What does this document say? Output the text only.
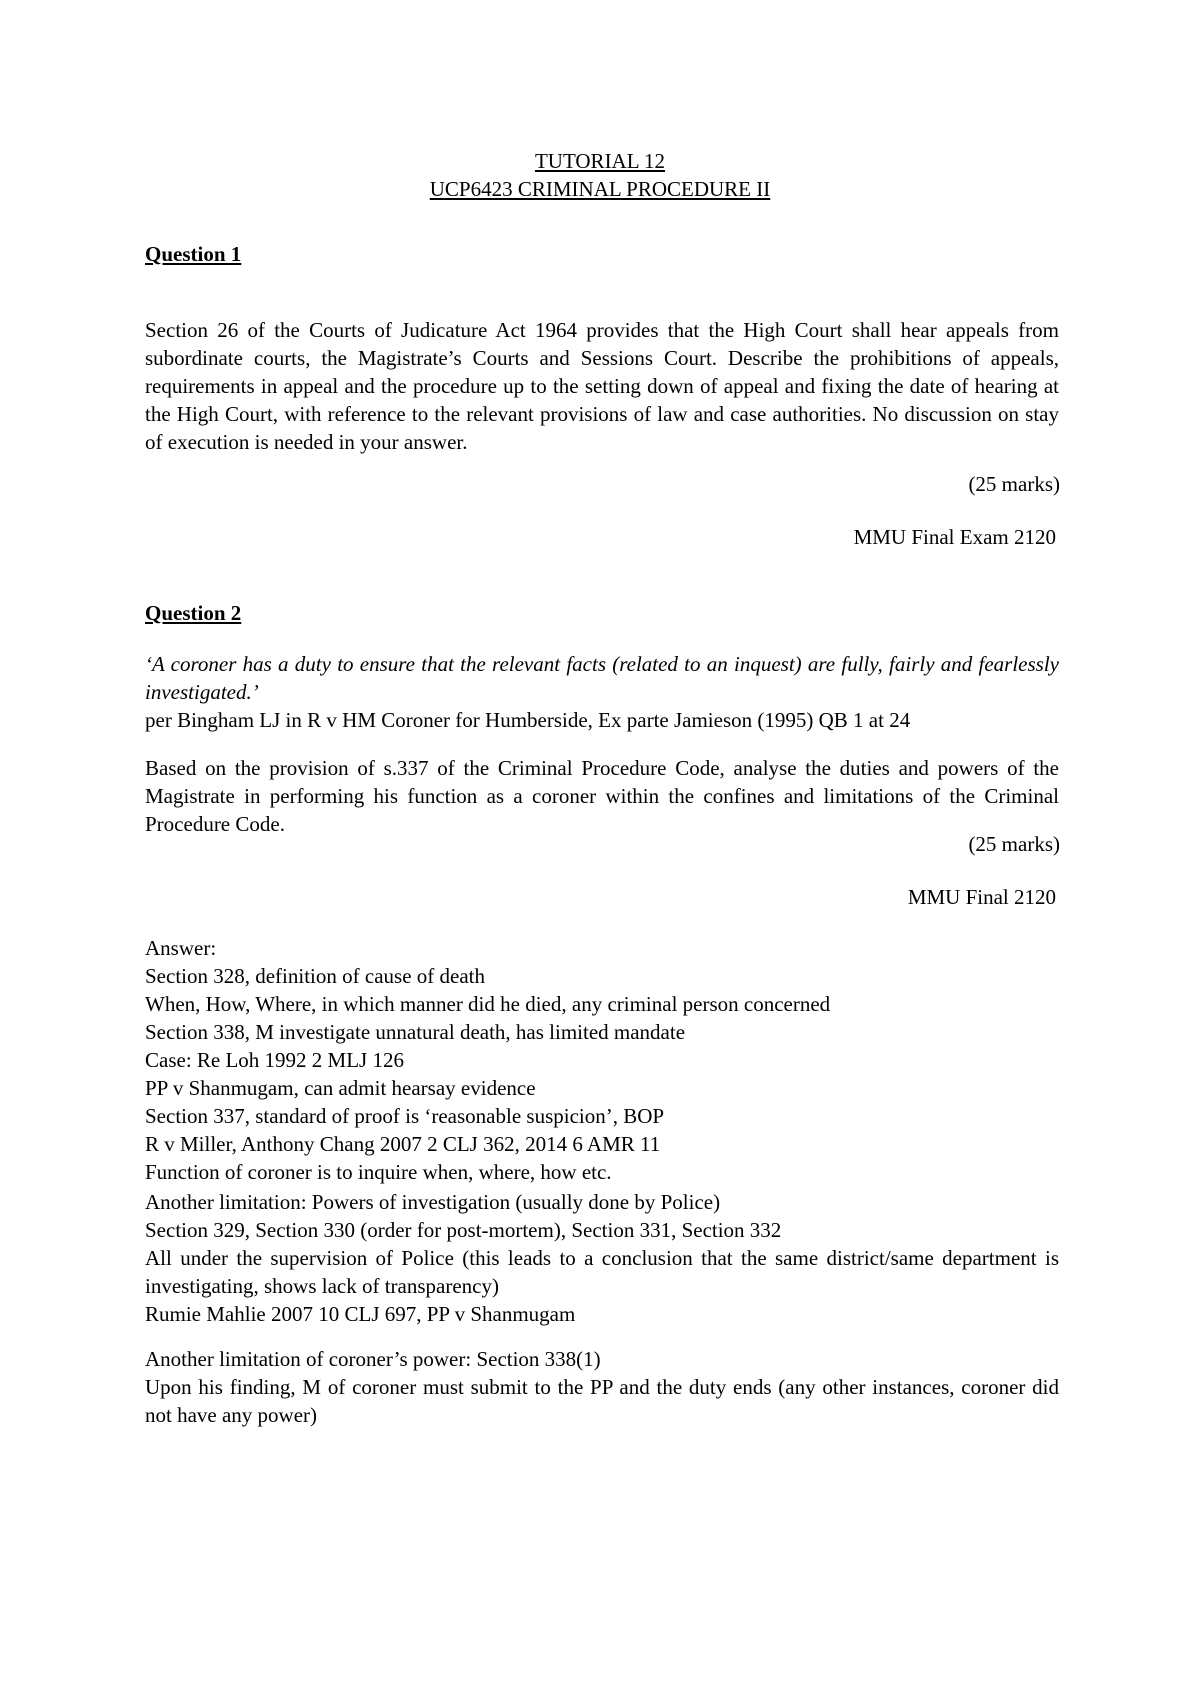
TUTORIAL 12
UCP6423 CRIMINAL PROCEDURE II
Question 1

Section 26 of the Courts of Judicature Act 1964 provides that the High Court shall hear appeals from subordinate courts, the Magistrate’s Courts and Sessions Court. Describe the prohibitions of appeals, requirements in appeal and the procedure up to the setting down of appeal and fixing the date of hearing at the High Court, with reference to the relevant provisions of law and case authorities. No discussion on stay of execution is needed in your answer.

(25 marks)
MMU Final Exam 2120
Question 2

‘A coroner has a duty to ensure that the relevant facts (related to an inquest) are fully, fairly and fearlessly investigated.’

per Bingham LJ in R v HM Coroner for Humberside, Ex parte Jamieson (1995) QB 1 at 24

Based on the provision of s.337 of the Criminal Procedure Code, analyse the duties and powers of the Magistrate in performing his function as a coroner within the confines and limitations of the Criminal Procedure Code.

(25 marks)
MMU Final 2120

Answer:

Section 328, definition of cause of death

When, How, Where, in which manner did he died, any criminal person concerned

Section 338, M investigate unnatural death, has limited mandate

Case: Re Loh 1992 2 MLJ 126

PP v Shanmugam, can admit hearsay evidence

Section 337, standard of proof is ‘reasonable suspicion’, BOP

R v Miller, Anthony Chang 2007 2 CLJ 362, 2014 6 AMR 11

Function of coroner is to inquire when, where, how etc.

Another limitation: Powers of investigation (usually done by Police)

Section 329, Section 330 (order for post-mortem), Section 331, Section 332

All under the supervision of Police (this leads to a conclusion that the same district/same department is investigating, shows lack of transparency)

Rumie Mahlie 2007 10 CLJ 697, PP v Shanmugam

Another limitation of coroner’s power: Section 338(1)

Upon his finding, M of coroner must submit to the PP and the duty ends (any other instances, coroner did not have any power)
